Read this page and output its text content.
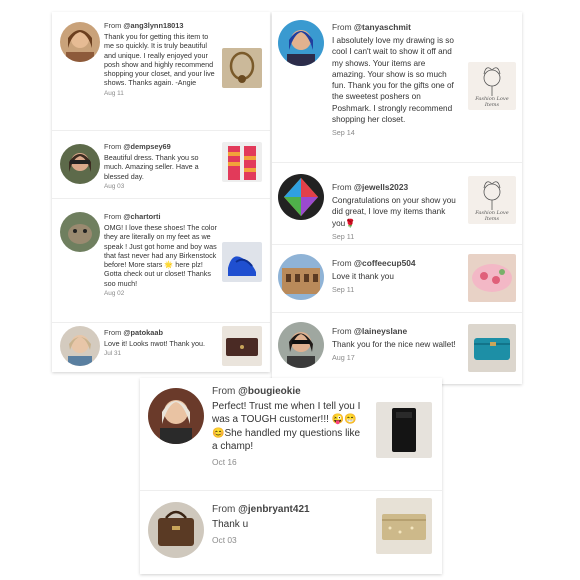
From @ang3lynn18013
Thank you for getting this item to me so quickly. It is truly beautiful and unique. I really enjoyed your posh show and highly recommend shopping your closet, and your live shows. Thanks again. -Angie
Aug 11
From @dempsey69
Beautiful dress. Thank you so much. Amazing seller. Have a blessed day.
Aug 03
From @chartorti
OMG! I love these shoes! The color they are literally on my feet as we speak ! Just got home and boy was that fast never had any Birkenstock before! More stars 🌟 here plz! Gotta check out ur closet! Thanks soo much!
Aug 02
From @patokaab
Love it! Looks nwot! Thank you.
Jul 31
From @tanyaschmit
I absolutely love my drawing is so cool I can't wait to show it off and my shows. Your items are amazing. Your show is so much fun. Thank you for the gifts one of the sweetest poshers on Poshmark. I strongly recommend shopping her closet.
Sep 14
Fashion Love Items
From @jewells2023
Congratulations on your show you did great, I love my items thank you🌹
Sep 11
Fashion Love Items
From @coffeecup504
Love it thank you
Sep 11
From @laineyslane
Thank you for the nice new wallet!
Aug 17
From @bougieokie
Perfect! Trust me when I tell you I was a TOUGH customer!!! 😜😁😊She handled my questions like a champ!
Oct 16
From @jenbryant421
Thank u
Oct 03
